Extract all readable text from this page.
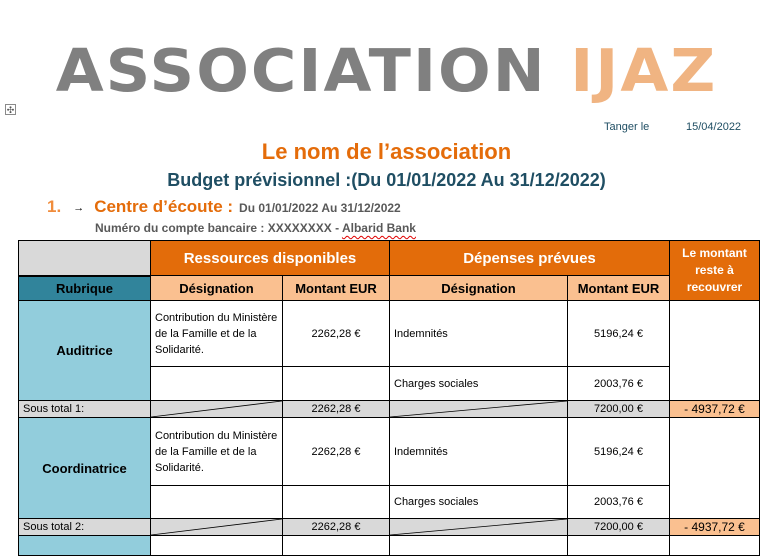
ASSOCIATION IJAZ
✣
Tanger le	15/04/2022
Le nom de l’association
Budget prévisionnel :(Du 01/01/2022 Au 31/12/2022)
1. → Centre d’écoute : Du 01/01/2022 Au 31/12/2022
Numéro du compte bancaire : XXXXXXXX - Albarid Bank
	Ressources disponibles		Dépenses prévues		Le montant reste à recouvrer
Rubrique	Désignation	Montant EUR	Désignation	Montant EUR	
Auditrice	Contribution du Ministère de la Famille et de la Solidarité.	2262,28 €	Indemnités	5196,24 €	
			Charges sociales	2003,76 €	
Sous total 1:		2262,28 €		7200,00 €	- 4937,72 €
Coordinatrice	Contribution du Ministère de la Famille et de la Solidarité.	2262,28 €	Indemnités	5196,24 €	
			Charges sociales	2003,76 €	
Sous total 2:		2262,28 €		7200,00 €	- 4937,72 €
